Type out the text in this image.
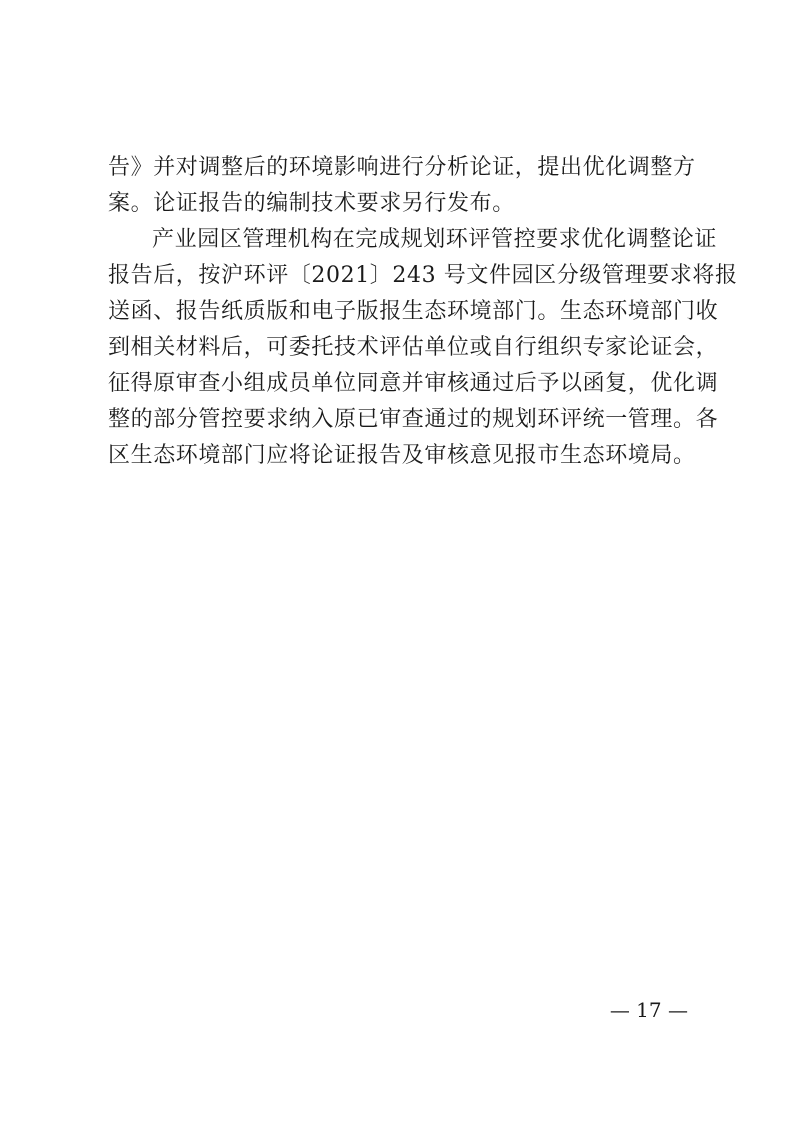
告》并对调整后的环境影响进行分析论证，提出优化调整方
案。论证报告的编制技术要求另行发布。
产业园区管理机构在完成规划环评管控要求优化调整论证
报告后，按沪环评〔2021〕243 号文件园区分级管理要求将报
送函、报告纸质版和电子版报生态环境部门。生态环境部门收
到相关材料后，可委托技术评估单位或自行组织专家论证会，
征得原审查小组成员单位同意并审核通过后予以函复，优化调
整的部分管控要求纳入原已审查通过的规划环评统一管理。各
区生态环境部门应将论证报告及审核意见报市生态环境局。
— 17 —
